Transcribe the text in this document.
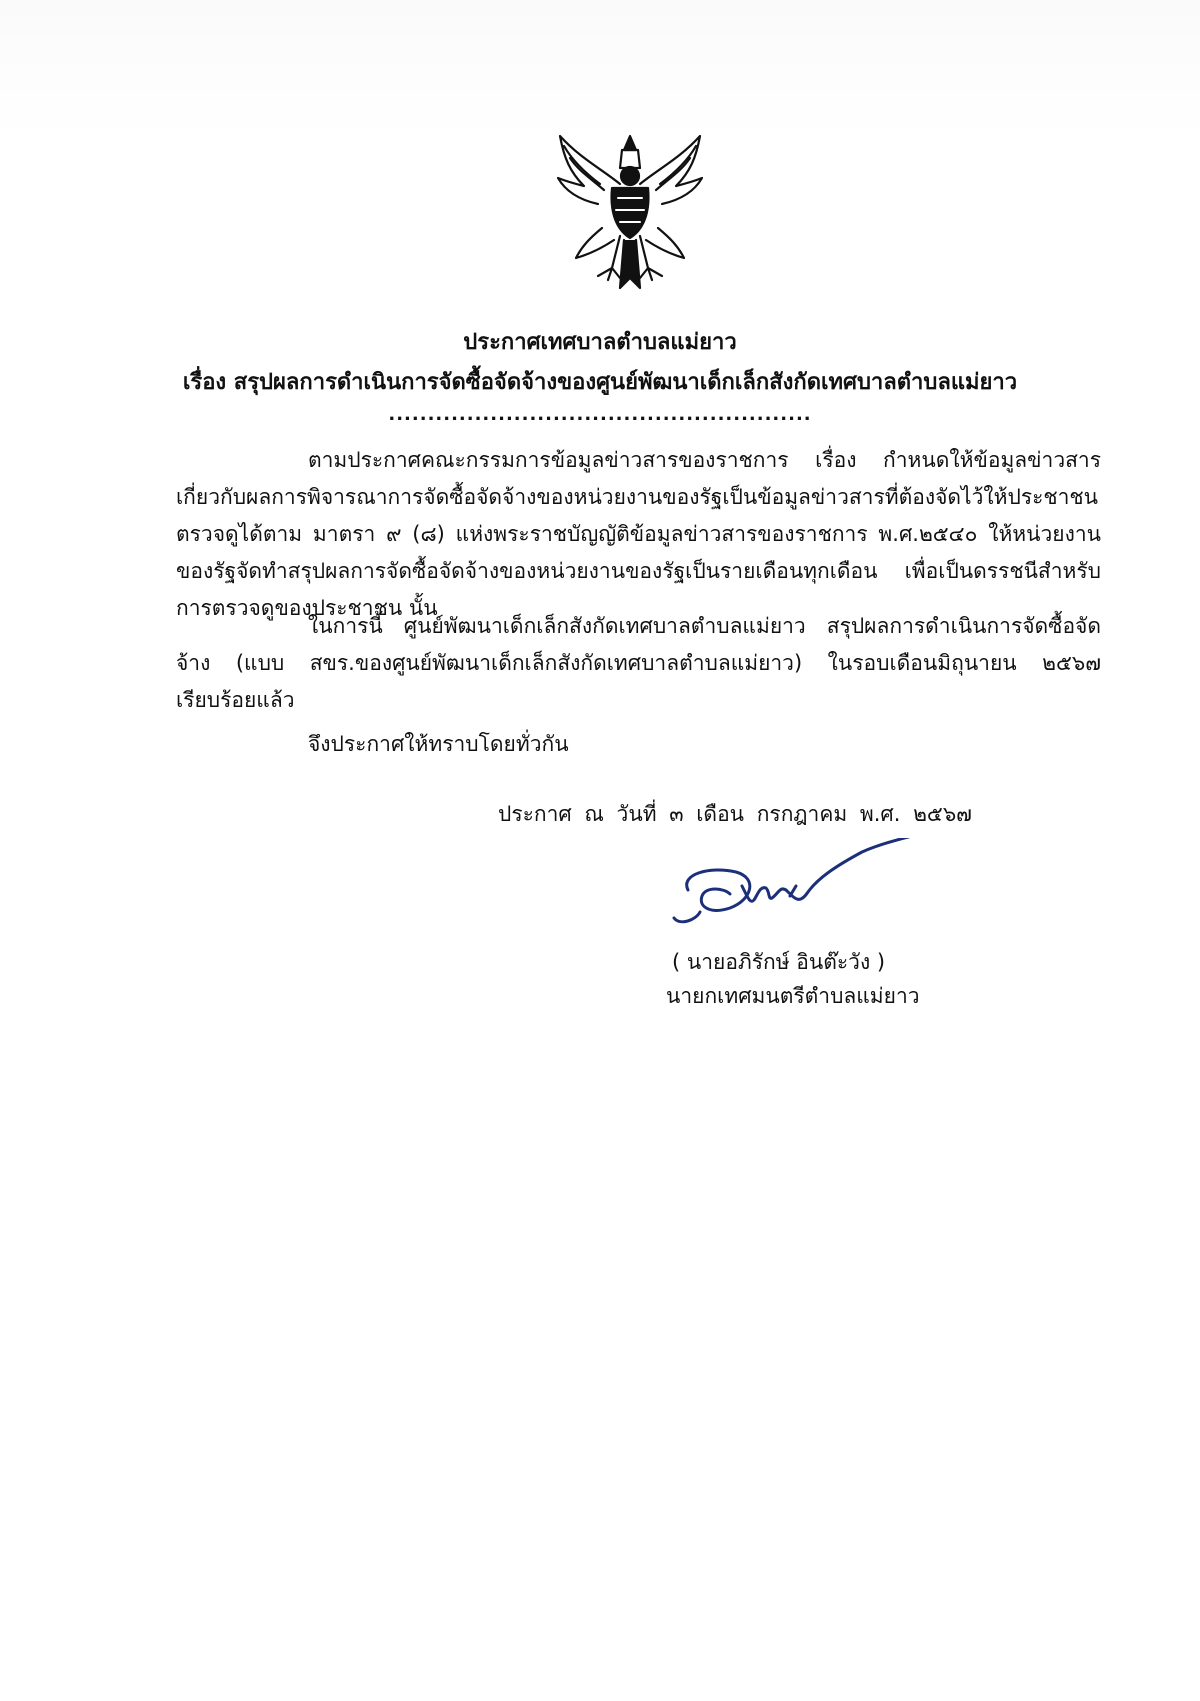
ประกาศเทศบาลตำบลแม่ยาว
เรื่อง สรุปผลการดำเนินการจัดซื้อจัดจ้างของศูนย์พัฒนาเด็กเล็กสังกัดเทศบาลตำบลแม่ยาว
......................................................
ตามประกาศคณะกรรมการข้อมูลข่าวสารของราชการ เรื่อง กำหนดให้ข้อมูลข่าวสารเกี่ยวกับผลการพิจารณาการจัดซื้อจัดจ้างของหน่วยงานของรัฐเป็นข้อมูลข่าวสารที่ต้องจัดไว้ให้ประชาชนตรวจดูได้ตาม มาตรา ๙ (๘) แห่งพระราชบัญญัติข้อมูลข่าวสารของราชการ พ.ศ.๒๕๔๐ ให้หน่วยงานของรัฐจัดทำสรุปผลการจัดซื้อจัดจ้างของหน่วยงานของรัฐเป็นรายเดือนทุกเดือน เพื่อเป็นดรรชนีสำหรับการตรวจดูของประชาชน นั้น
ในการนี้ ศูนย์พัฒนาเด็กเล็กสังกัดเทศบาลตำบลแม่ยาว สรุปผลการดำเนินการจัดซื้อจัดจ้าง (แบบ สขร.ของศูนย์พัฒนาเด็กเล็กสังกัดเทศบาลตำบลแม่ยาว) ในรอบเดือนมิถุนายน ๒๕๖๗ เรียบร้อยแล้ว
จึงประกาศให้ทราบโดยทั่วกัน
ประกาศ ณ วันที่ ๓ เดือน กรกฎาคม พ.ศ. ๒๕๖๗
( นายอภิรักษ์ อินต๊ะวัง )
นายกเทศมนตรีตำบลแม่ยาว
